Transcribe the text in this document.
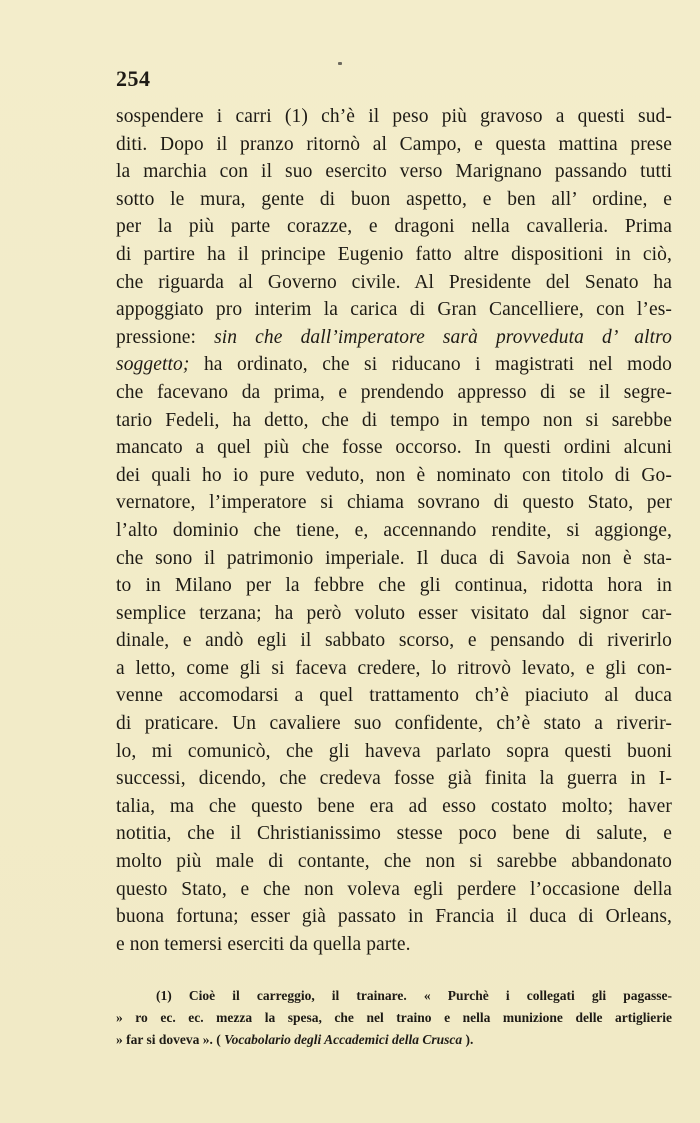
254
sospendere i carri (1) ch’è il peso più gravoso a questi sud-
diti. Dopo il pranzo ritornò al Campo, e questa mattina prese
la marchia con il suo esercito verso Marignano passando tutti
sotto le mura, gente di buon aspetto, e ben all’ ordine, e
per la più parte corazze, e dragoni nella cavalleria. Prima
di partire ha il principe Eugenio fatto altre dispositioni in ciò,
che riguarda al Governo civile. Al Presidente del Senato ha
appoggiato pro interim la carica di Gran Cancelliere, con l’es-
pressione: sin che dall’imperatore sarà provveduta d’ altro
soggetto; ha ordinato, che si riducano i magistrati nel modo
che facevano da prima, e prendendo appresso di se il segre-
tario Fedeli, ha detto, che di tempo in tempo non si sarebbe
mancato a quel più che fosse occorso. In questi ordini alcuni
dei quali ho io pure veduto, non è nominato con titolo di Go-
vernatore, l’imperatore si chiama sovrano di questo Stato, per
l’alto dominio che tiene, e, accennando rendite, si aggionge,
che sono il patrimonio imperiale. Il duca di Savoia non è sta-
to in Milano per la febbre che gli continua, ridotta hora in
semplice terzana; ha però voluto esser visitato dal signor car-
dinale, e andò egli il sabbato scorso, e pensando di riverirlo
a letto, come gli si faceva credere, lo ritrovò levato, e gli con-
venne accomodarsi a quel trattamento ch’è piaciuto al duca
di praticare. Un cavaliere suo confidente, ch’è stato a riverir-
lo, mi comunicò, che gli haveva parlato sopra questi buoni
successi, dicendo, che credeva fosse già finita la guerra in I-
talia, ma che questo bene era ad esso costato molto; haver
notitia, che il Christianissimo stesse poco bene di salute, e
molto più male di contante, che non si sarebbe abbandonato
questo Stato, e che non voleva egli perdere l’occasione della
buona fortuna; esser già passato in Francia il duca di Orleans,
e non temersi eserciti da quella parte.
(1) Cioè il carreggio, il trainare. « Purchè i collegati gli pagasse-
» ro ec. ec. mezza la spesa, che nel traino e nella munizione delle artiglierie
» far si doveva ». ( Vocabolario degli Accademici della Crusca ).
